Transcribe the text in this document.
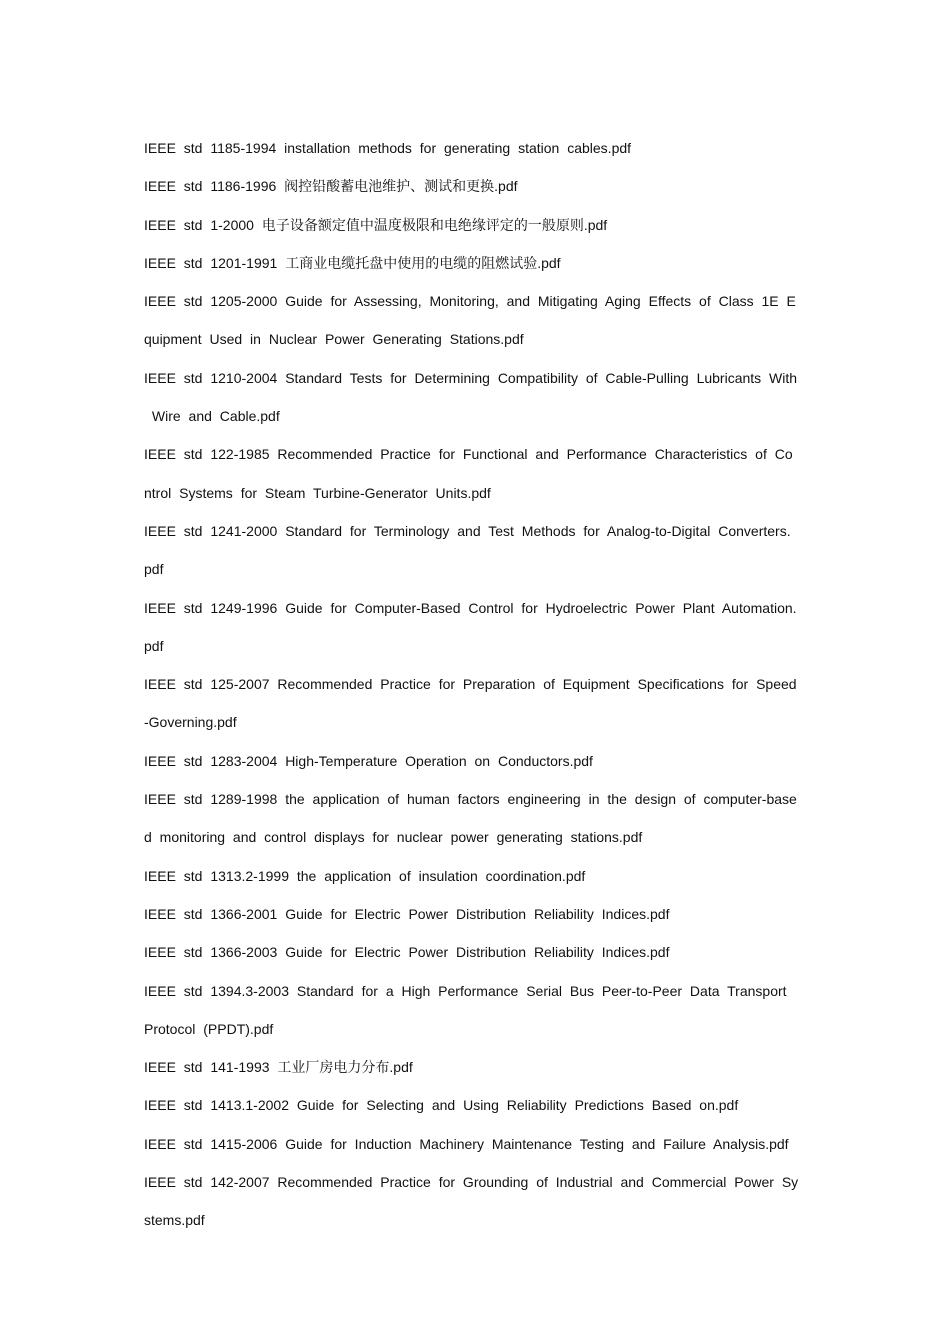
IEEE std 1185-1994 installation methods for generating station cables.pdf
IEEE std 1186-1996 阀控铅酸蓄电池维护、测试和更换.pdf
IEEE std 1-2000 电子设备额定值中温度极限和电绝缘评定的一般原则.pdf
IEEE std 1201-1991 工商业电缆托盘中使用的电缆的阻燃试验.pdf
IEEE std 1205-2000 Guide for Assessing, Monitoring, and Mitigating Aging Effects of Class 1E E
quipment Used in Nuclear Power Generating Stations.pdf
IEEE std 1210-2004 Standard Tests for Determining Compatibility of Cable-Pulling Lubricants With
Wire and Cable.pdf
IEEE std 122-1985 Recommended Practice for Functional and Performance Characteristics of Co
ntrol Systems for Steam Turbine-Generator Units.pdf
IEEE std 1241-2000 Standard for Terminology and Test Methods for Analog-to-Digital Converters.
pdf
IEEE std 1249-1996 Guide for Computer-Based Control for Hydroelectric Power Plant Automation.
pdf
IEEE std 125-2007 Recommended Practice for Preparation of Equipment Specifications for Speed
-Governing.pdf
IEEE std 1283-2004 High-Temperature Operation on Conductors.pdf
IEEE std 1289-1998 the application of human factors engineering in the design of computer-base
d monitoring and control displays for nuclear power generating stations.pdf
IEEE std 1313.2-1999 the application of insulation coordination.pdf
IEEE std 1366-2001 Guide for Electric Power Distribution Reliability Indices.pdf
IEEE std 1366-2003 Guide for Electric Power Distribution Reliability Indices.pdf
IEEE std 1394.3-2003 Standard for a High Performance Serial Bus Peer-to-Peer Data Transport
Protocol (PPDT).pdf
IEEE std 141-1993 工业厂房电力分布.pdf
IEEE std 1413.1-2002 Guide for Selecting and Using Reliability Predictions Based on.pdf
IEEE std 1415-2006 Guide for Induction Machinery Maintenance Testing and Failure Analysis.pdf
IEEE std 142-2007 Recommended Practice for Grounding of Industrial and Commercial Power Sy
stems.pdf
